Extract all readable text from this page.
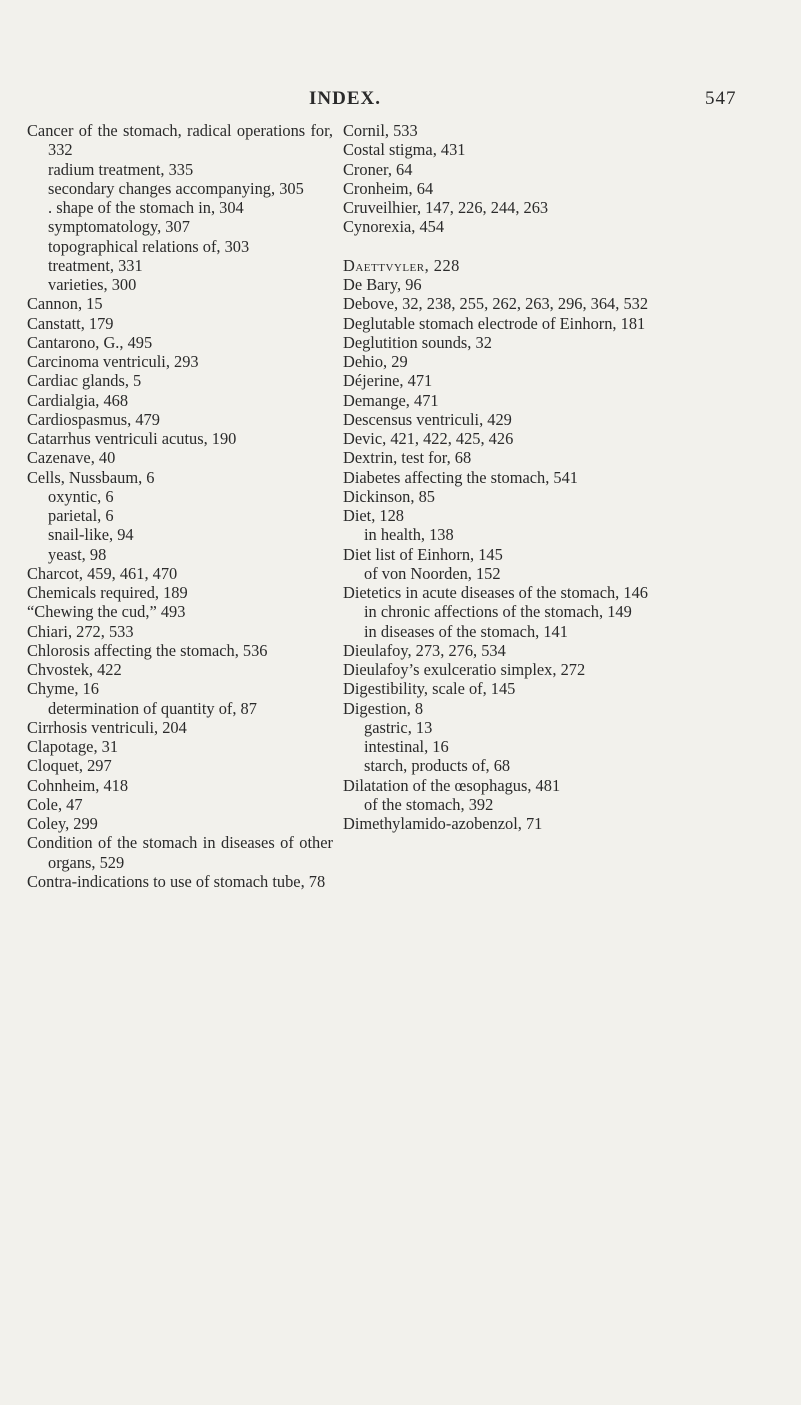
INDEX.	547
Cancer of the stomach, radical operations for, 332
radium treatment, 335
secondary changes accompanying, 305
. shape of the stomach in, 304
symptomatology, 307
topographical relations of, 303
treatment, 331
varieties, 300
Cannon, 15
Canstatt, 179
Cantarono, G., 495
Carcinoma ventriculi, 293
Cardiac glands, 5
Cardialgia, 468
Cardiospasmus, 479
Catarrhus ventriculi acutus, 190
Cazenave, 40
Cells, Nussbaum, 6
oxyntic, 6
parietal, 6
snail-like, 94
yeast, 98
Charcot, 459, 461, 470
Chemicals required, 189
“Chewing the cud,” 493
Chiari, 272, 533
Chlorosis affecting the stomach, 536
Chvostek, 422
Chyme, 16
determination of quantity of, 87
Cirrhosis ventriculi, 204
Clapotage, 31
Cloquet, 297
Cohnheim, 418
Cole, 47
Coley, 299
Condition of the stomach in diseases of other organs, 529
Contra-indications to use of stomach tube, 78
Cornil, 533
Costal stigma, 431
Croner, 64
Cronheim, 64
Cruveilhier, 147, 226, 244, 263
Cynorexia, 454
Daettvyler, 228
De Bary, 96
Debove, 32, 238, 255, 262, 263, 296, 364, 532
Deglutable stomach electrode of Einhorn, 181
Deglutition sounds, 32
Dehio, 29
Déjerine, 471
Demange, 471
Descensus ventriculi, 429
Devic, 421, 422, 425, 426
Dextrin, test for, 68
Diabetes affecting the stomach, 541
Dickinson, 85
Diet, 128
in health, 138
Diet list of Einhorn, 145
of von Noorden, 152
Dietetics in acute diseases of the stomach, 146
in chronic affections of the stomach, 149
in diseases of the stomach, 141
Dieulafoy, 273, 276, 534
Dieulafoy’s exulceratio simplex, 272
Digestibility, scale of, 145
Digestion, 8
gastric, 13
intestinal, 16
starch, products of, 68
Dilatation of the œsophagus, 481
of the stomach, 392
Dimethylamido-azobenzol, 71
